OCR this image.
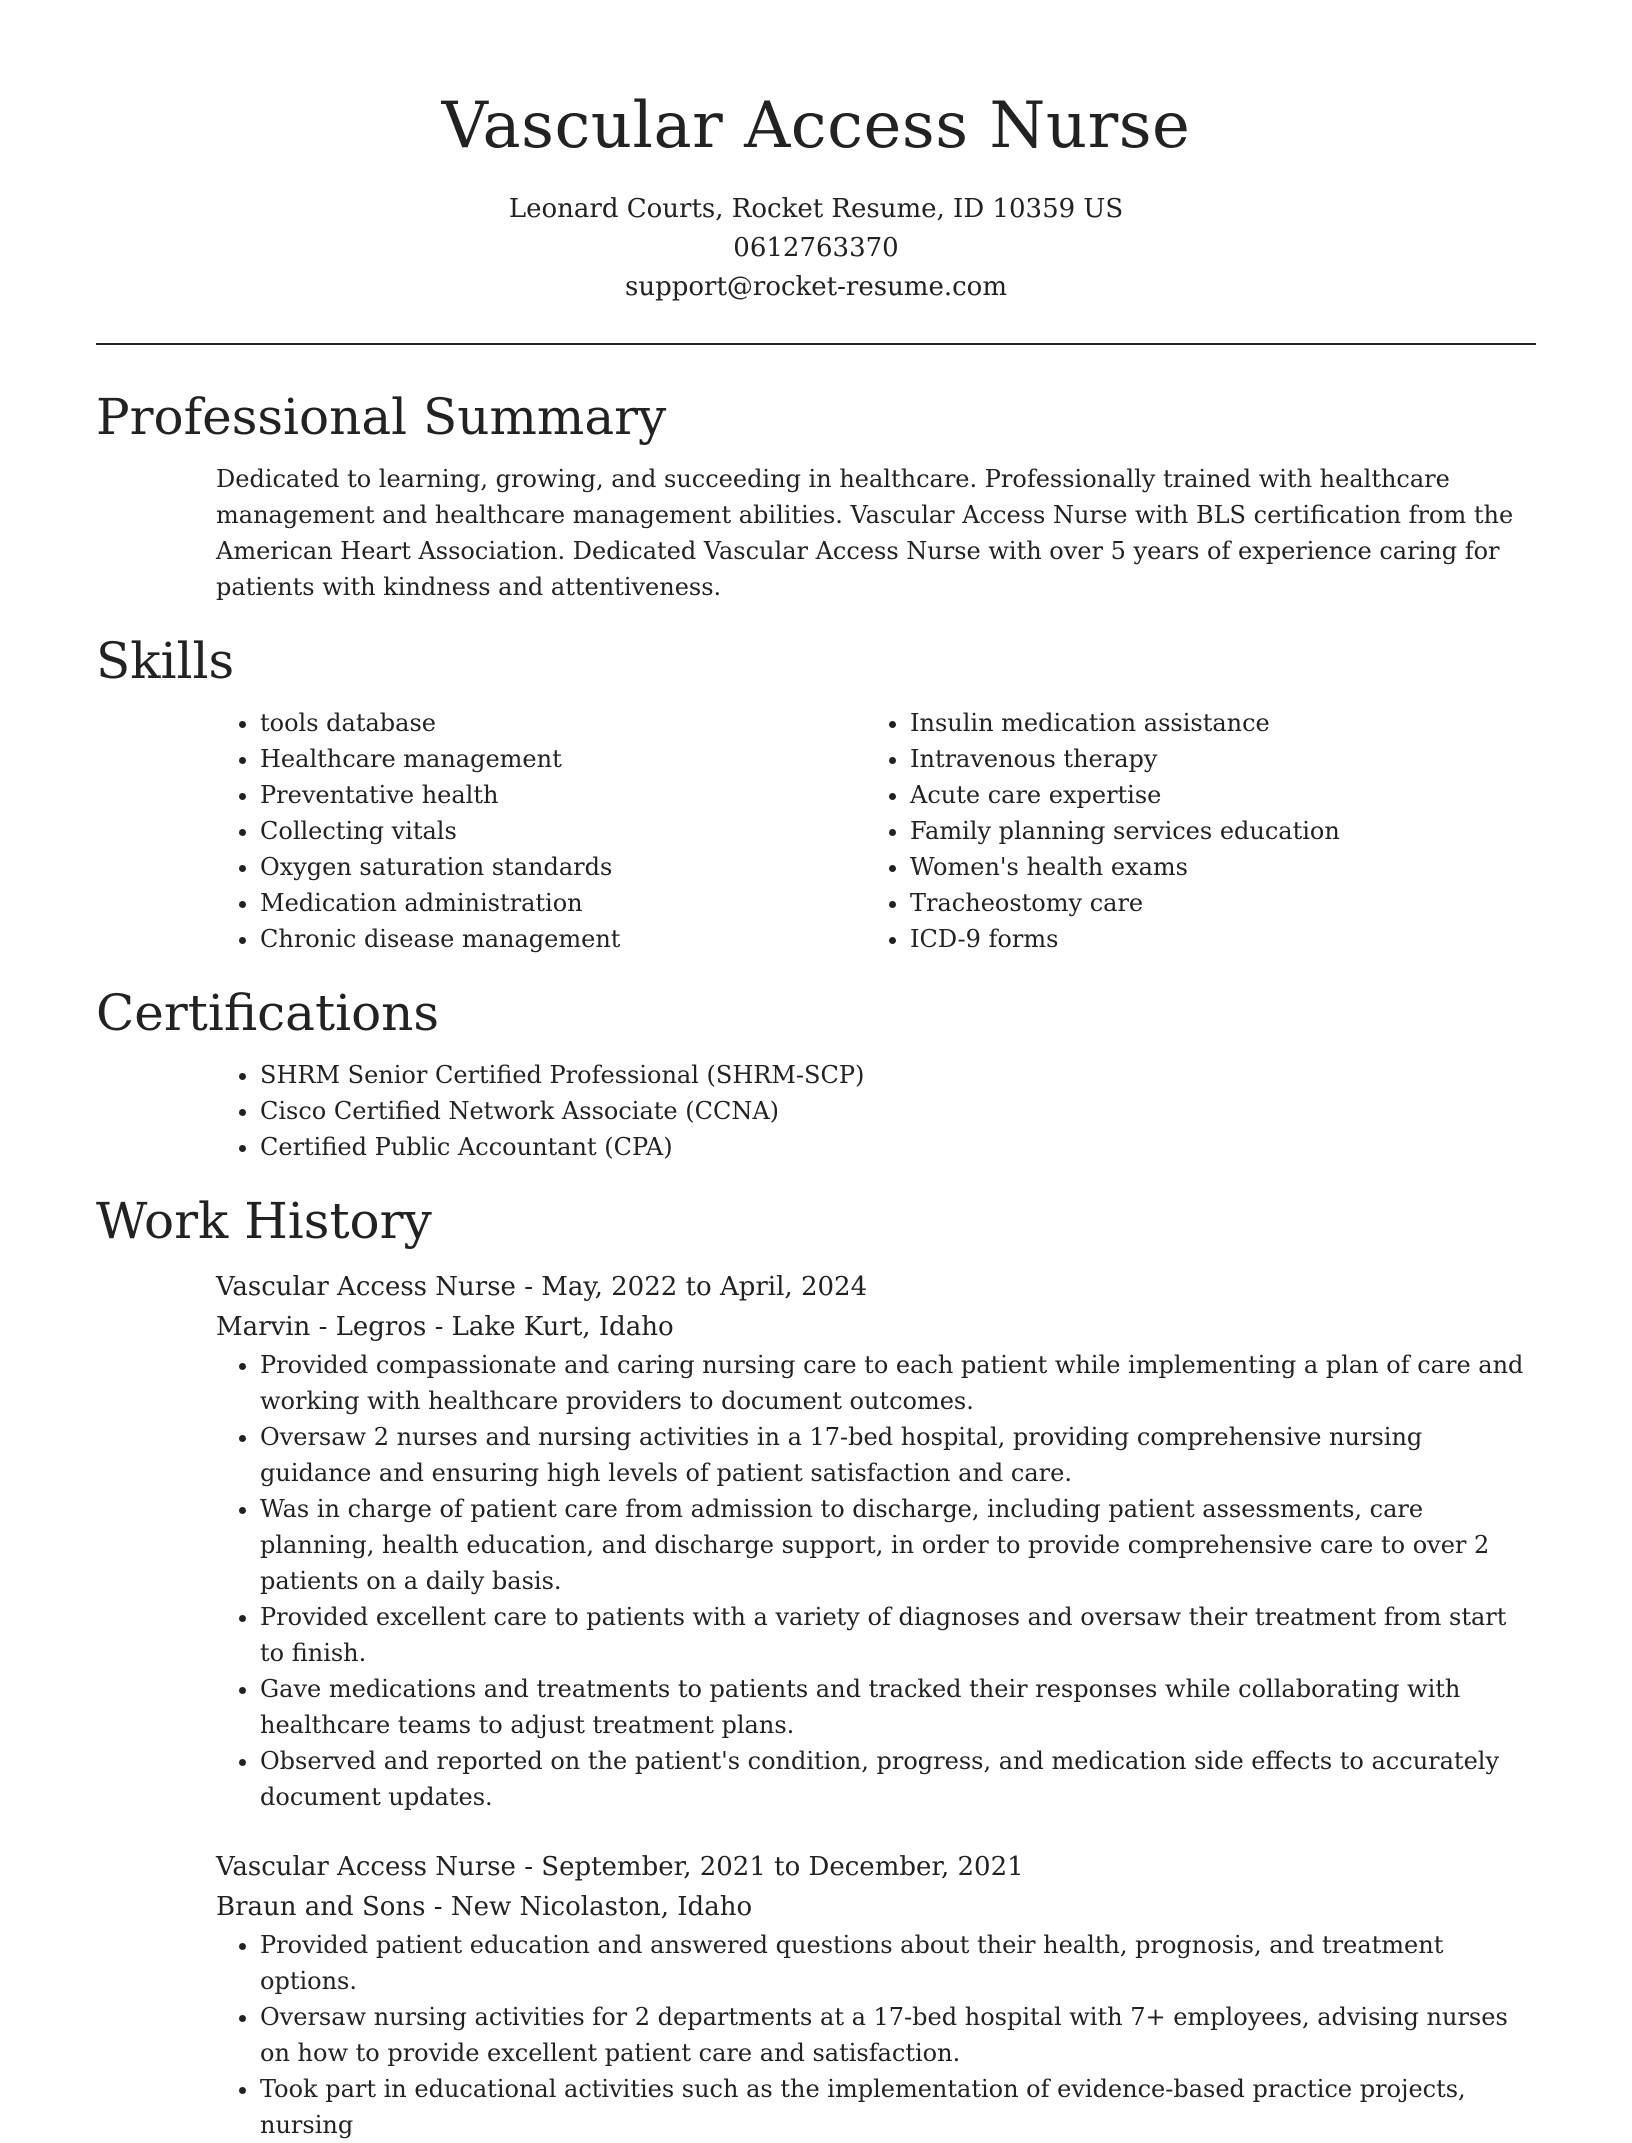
Vascular Access Nurse

Leonard Courts, Rocket Resume, ID 10359 US

0612763370

support@rocket-resume.com

Professional Summary

Dedicated to learning, growing, and succeeding in healthcare. Professionally trained with healthcare management and healthcare management abilities. Vascular Access Nurse with BLS certification from the American Heart Association. Dedicated Vascular Access Nurse with over 5 years of experience caring for patients with kindness and attentiveness.

Skills
• tools database
• Healthcare management
• Preventative health
• Collecting vitals
• Oxygen saturation standards
• Medication administration
• Chronic disease management
• Insulin medication assistance
• Intravenous therapy
• Acute care expertise
• Family planning services education
• Women's health exams
• Tracheostomy care
• ICD-9 forms
Certifications
• SHRM Senior Certified Professional (SHRM-SCP)
• Cisco Certified Network Associate (CCNA)
• Certified Public Accountant (CPA)
Work History

Vascular Access Nurse - May, 2022 to April, 2024

Marvin - Legros - Lake Kurt, Idaho

• Provided compassionate and caring nursing care to each patient while implementing a plan of care and working with healthcare providers to document outcomes.
• Oversaw 2 nurses and nursing activities in a 17-bed hospital, providing comprehensive nursing guidance and ensuring high levels of patient satisfaction and care.
• Was in charge of patient care from admission to discharge, including patient assessments, care planning, health education, and discharge support, in order to provide comprehensive care to over 2 patients on a daily basis.
• Provided excellent care to patients with a variety of diagnoses and oversaw their treatment from start to finish.
• Gave medications and treatments to patients and tracked their responses while collaborating with healthcare teams to adjust treatment plans.
• Observed and reported on the patient's condition, progress, and medication side effects to accurately document updates.

Vascular Access Nurse - September, 2021 to December, 2021

Braun and Sons - New Nicolaston, Idaho

• Provided patient education and answered questions about their health, prognosis, and treatment options.
• Oversaw nursing activities for 2 departments at a 17-bed hospital with 7+ employees, advising nurses on how to provide excellent patient care and satisfaction.
• Took part in educational activities such as the implementation of evidence-based practice projects, nursing
